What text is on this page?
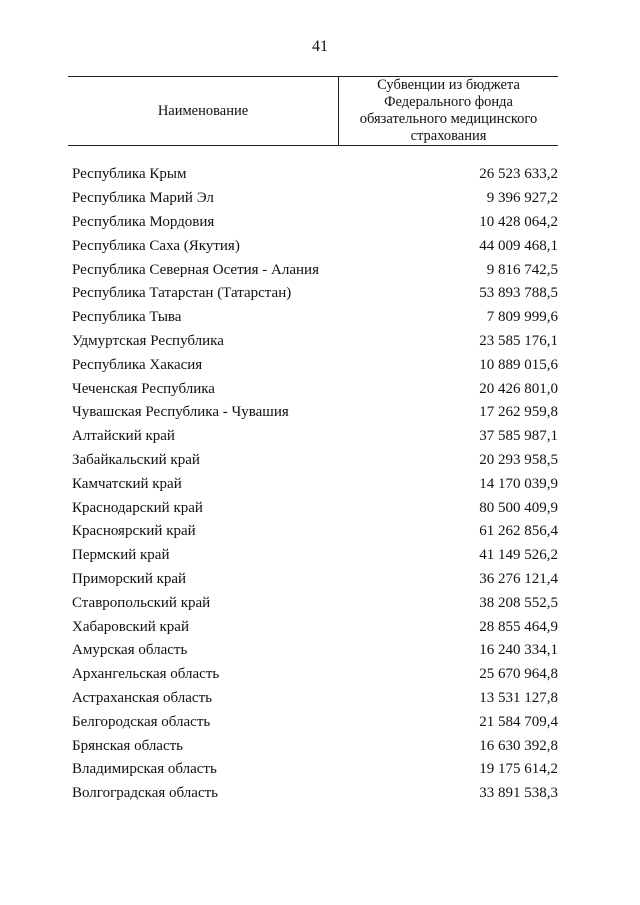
41
Наименование
Субвенции из бюджета Федерального фонда обязательного медицинского страхования
Республика Крым	26 523 633,2
Республика Марий Эл	9 396 927,2
Республика Мордовия	10 428 064,2
Республика Саха (Якутия)	44 009 468,1
Республика Северная Осетия - Алания	9 816 742,5
Республика Татарстан (Татарстан)	53 893 788,5
Республика Тыва	7 809 999,6
Удмуртская Республика	23 585 176,1
Республика Хакасия	10 889 015,6
Чеченская Республика	20 426 801,0
Чувашская Республика - Чувашия	17 262 959,8
Алтайский край	37 585 987,1
Забайкальский край	20 293 958,5
Камчатский край	14 170 039,9
Краснодарский край	80 500 409,9
Красноярский край	61 262 856,4
Пермский край	41 149 526,2
Приморский край	36 276 121,4
Ставропольский край	38 208 552,5
Хабаровский край	28 855 464,9
Амурская область	16 240 334,1
Архангельская область	25 670 964,8
Астраханская область	13 531 127,8
Белгородская область	21 584 709,4
Брянская область	16 630 392,8
Владимирская область	19 175 614,2
Волгоградская область	33 891 538,3
